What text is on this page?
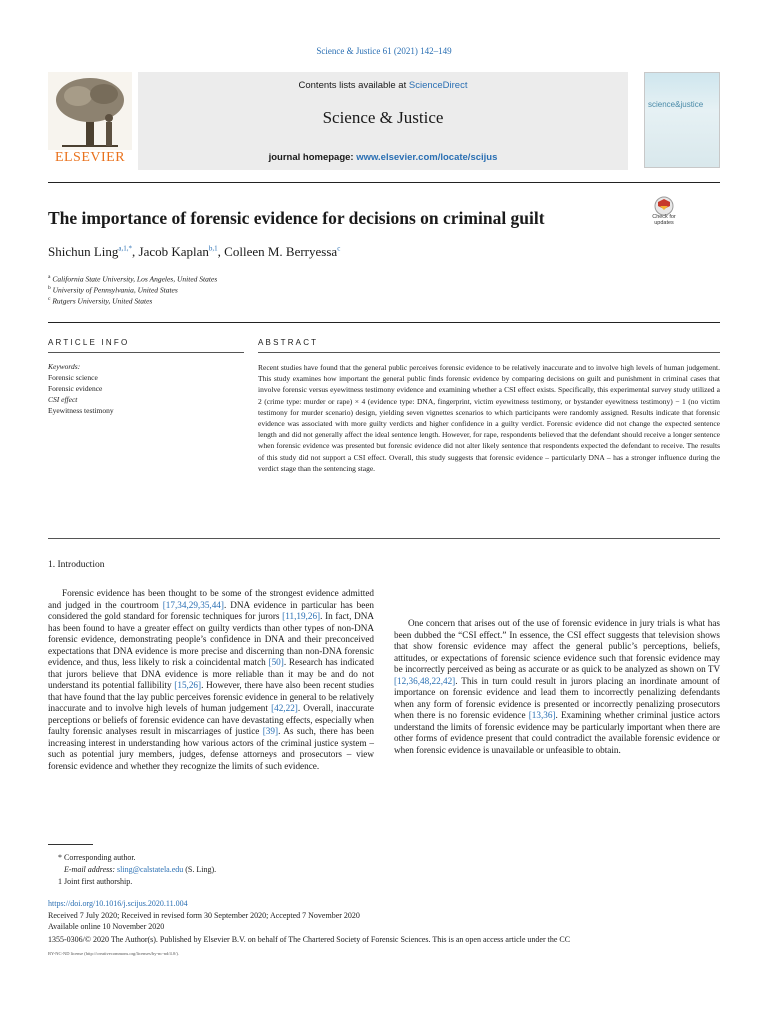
Science & Justice 61 (2021) 142–149
ELSEVIER
Contents lists available at ScienceDirect
Science & Justice
journal homepage: www.elsevier.com/locate/scijus
science&justice
The importance of forensic evidence for decisions on criminal guilt	Check for updates
Shichun Ling$^{a,1,*}$, Jacob Kaplan$^{b,1}$, Colleen M. Berryessa$^c$
$^a$ California State University, Los Angeles, United States
$^b$ University of Pennsylvania, United States
$^c$ Rutgers University, United States
ARTICLE INFO
Keywords:
Forensic science
Forensic evidence
CSI effect
Eyewitness testimony
ABSTRACT
Recent studies have found that the general public perceives forensic evidence to be relatively inaccurate and to involve high levels of human judgement. This study examines how important the general public finds forensic evidence by comparing decisions on guilt and punishment in criminal cases that involve forensic versus eyewitness testimony evidence and examining whether a CSI effect exists. Specifically, this experimental survey study utilized a 2 (crime type: murder or rape) × 4 (evidence type: DNA, fingerprint, victim eyewitness testimony, or bystander eyewitness testimony) − 1 (no victim testimony for murder scenario) design, yielding seven vignettes scenarios to which participants were randomly assigned. Results indicate that forensic evidence was associated with more guilty verdicts and higher confidence in a guilty verdict. Forensic evidence did not change the expected sentence length and did not generally affect the ideal sentence length. However, for rape, respondents believed that the defendant should receive a longer sentence when forensic evidence was presented but forensic evidence did not alter likely sentence that respondents expected the defendant to receive. The results of this study did not support a CSI effect. Overall, this study suggests that forensic evidence – particularly DNA – has a stronger influence during the verdict stage than the sentencing stage.
1. Introduction

Forensic evidence has been thought to be some of the strongest evidence admitted and judged in the courtroom [17,34,29,35,44]. DNA evidence in particular has been considered the gold standard for forensic techniques for jurors [11,19,26]. In fact, DNA has been found to have a greater effect on guilty verdicts than other types of non-DNA forensic evidence, demonstrating people’s confidence in DNA and their preconceived expectations that DNA evidence is more precise and discerning than non-DNA forensic evidence, and thus, less likely to risk a coincidental match [50]. Research has indicated that jurors believe that DNA evidence is more reliable than it may be and do not understand its potential fallibility [15,26]. However, there have also been recent studies that have found that the lay public perceives forensic evidence in general to be relatively inaccurate and to involve high levels of human judgement [42,22]. Overall, inaccurate perceptions or beliefs of forensic evidence can have devastating effects, especially when faulty forensic analyses result in miscarriages of justice [39]. As such, there has been increasing interest in understanding how various actors of the criminal justice system – such as potential jury members, judges, defense attorneys and prosecutors – view forensic evidence and whether they recognize the limits of such evidence.

One concern that arises out of the use of forensic evidence in jury trials is what has been dubbed the “CSI effect.” In essence, the CSI effect suggests that television shows that show forensic evidence may affect the general public’s perceptions, beliefs, attitudes, or expectations of forensic science evidence such that forensic evidence may be incorrectly perceived as being as accurate or as quick to be analyzed as shown on TV [12,36,48,22,42]. This in turn could result in jurors placing an inordinate amount of importance on forensic evidence and lead them to incorrectly penalizing defendants when any form of forensic evidence is presented or incorrectly penalizing prosecutors when there is no forensic evidence [13,36]. Examining whether criminal justice actors understand the limits of forensic evidence may be particularly important when there are other forms of evidence present that could contradict the available forensic evidence or when forensic evidence is unavailable or unfeasible to obtain.

* Corresponding author.
E-mail address: sling@calstatela.edu (S. Ling).
1 Joint first authorship.
https://doi.org/10.1016/j.scijus.2020.11.004
Received 7 July 2020; Received in revised form 30 September 2020; Accepted 7 November 2020
Available online 10 November 2020
1355-0306/© 2020 The Author(s). Published by Elsevier B.V. on behalf of The Chartered Society of Forensic Sciences. This is an open access article under the CC
BY-NC-ND license (http://creativecommons.org/licenses/by-nc-nd/4.0/).
